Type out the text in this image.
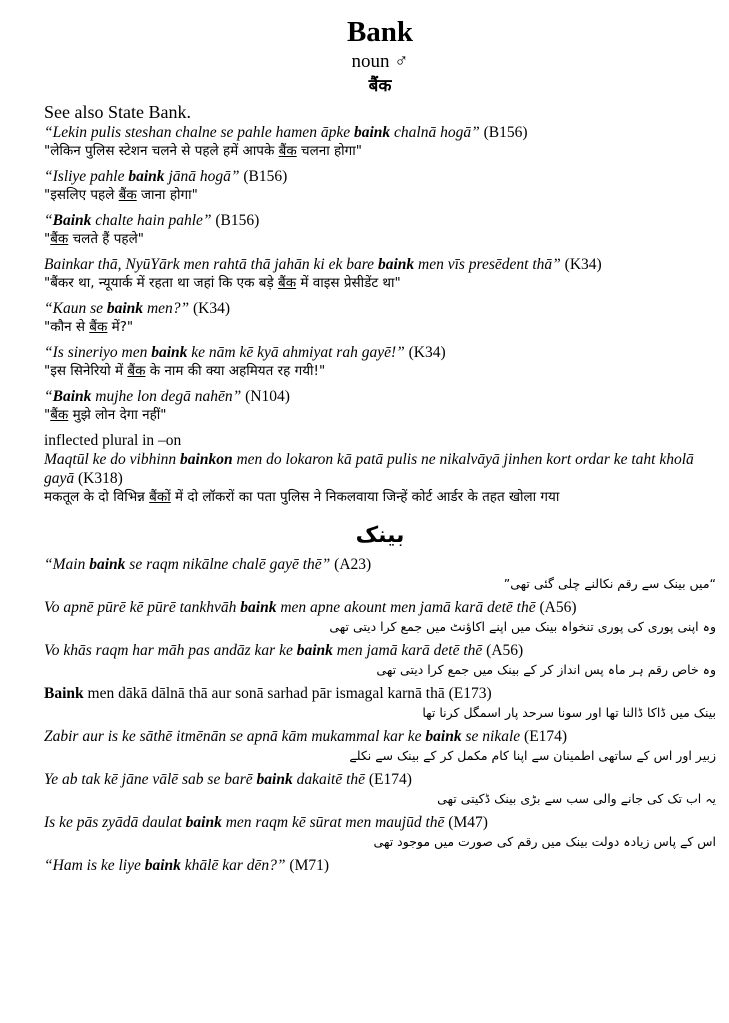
Bank
noun ♂
बैंक
See also State Bank.
“Lekin pulis steshan chalne se pahle hamen āpke baink chalnā hogā” (B156)
"लेकिन पुलिस स्टेशन चलने से पहले हमें आपके बैंक चलना होगा"
“Isliye pahle baink jānā hogā” (B156)
"इसलिए पहले बैंक जाना होगा"
“Baink chalte hain pahle” (B156)
"बैंक चलते हैं पहले"
Bainkar thā, NyūYārk men rahtā thā jahān ki ek bare baink men vīs presēdent thā” (K34)
"बैंकर था, न्यूयार्क में रहता था जहां कि एक बड़े बैंक में वाइस प्रेसीडेंट था"
“Kaun se baink men?” (K34)
"कौन से बैंक में?"
“Is sineriyo men baink ke nām kē kyā ahmiyat rah gayē!” (K34)
"इस सिनेरियो में बैंक के नाम की क्या अहमियत रह गयी!"
“Baink mujhe lon degā nahēn” (N104)
"बैंक मुझे लोन देगा नहीं"
inflected plural in –on
Maqtūl ke do vibhinn bainkon men do lokaron kā patā pulis ne nikalvāyā jinhen kort ordar ke taht kholā gayā (K318)
मकतूल के दो विभिन्न बैंकों में दो लॉकरों का पता पुलिस ने निकलवाया जिन्हें कोर्ट आर्डर के तहत खोला गया
بینک
“Main baink se raqm nikālne chalē gayē thē” (A23)
“میں بینک سے رقم نکالنے چلی گئی تھی”
Vo apnē pūrē kē pūrē tankhvāh baink men apne akount men jamā karā detē thē (A56)
وہ اپنی پوری کی پوری تنخواہ بینک میں اپنے اکاؤنٹ میں جمع کرا دیتی تھی
Vo khās raqm har māh pas andāz kar ke baink men jamā karā detē thē (A56)
وہ خاص رقم ہر ماہ پس انداز کر کے بینک میں جمع کرا دیتی تھی
Baink men dākā dālnā thā aur sonā sarhad pār ismagal karnā thā (E173)
بینک میں ڈاکا ڈالنا تھا اور سونا سرحد پار اسمگل کرنا تھا
Zabir aur is ke sāthē itmēnān se apnā kām mukammal kar ke baink se nikale (E174)
زبیر اور اس کے ساتھی اطمینان سے اپنا کام مکمل کر کے بینک سے نکلے
Ye ab tak kē jāne vālē sab se barē baink dakaitē thē (E174)
یہ اب تک کی جانے والی سب سے بڑی بینک ڈکیتی تھی
Is ke pās zyādā daulat baink men raqm kē sūrat men maujūd thē (M47)
اس کے پاس زیادہ دولت بینک میں رقم کی صورت میں موجود تھی
“Ham is ke liye baink khālē kar dēn?” (M71)
